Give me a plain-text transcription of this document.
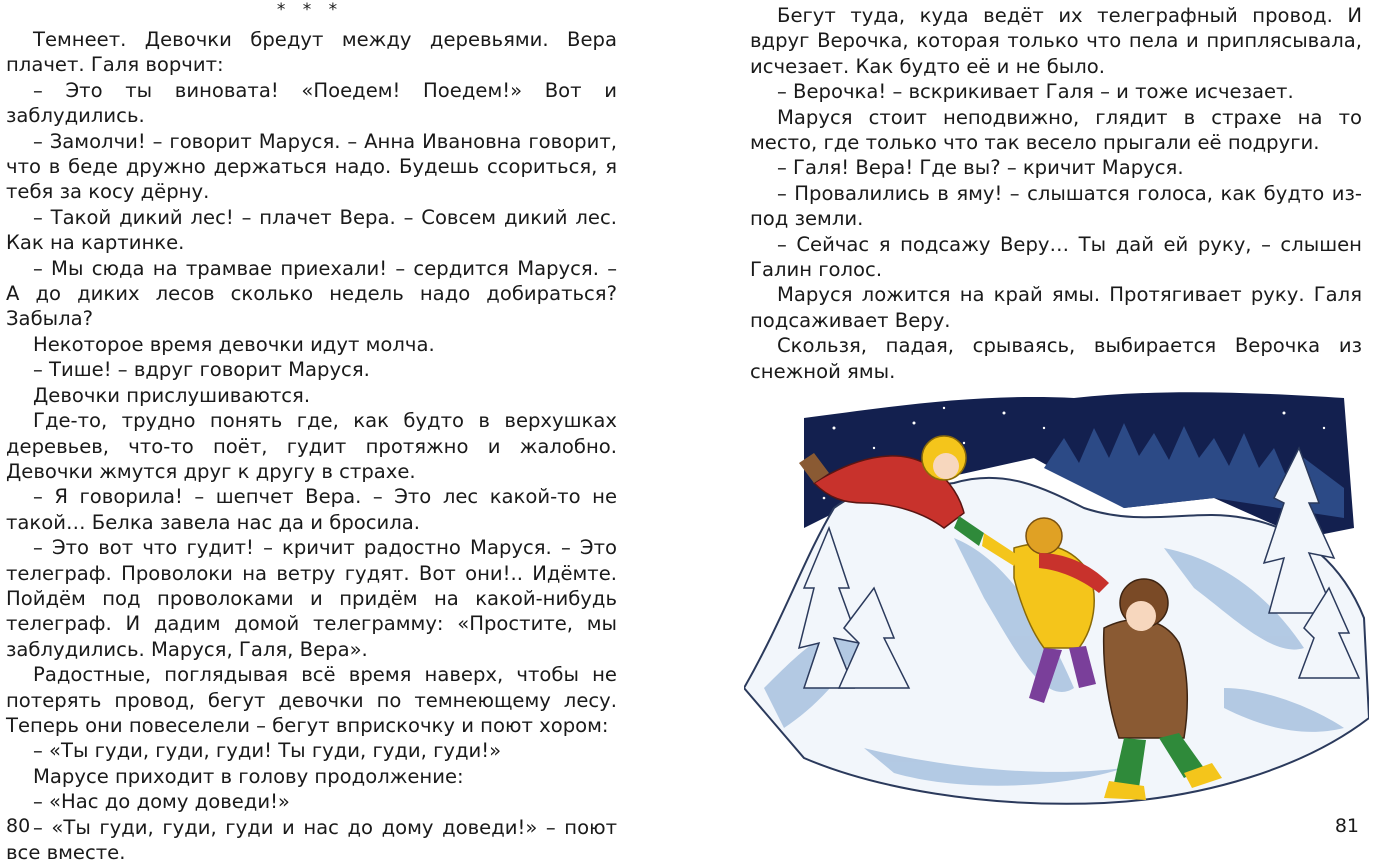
* * *

Темнеет. Девочки бредут между деревьями. Вера плачет. Галя ворчит:

– Это ты виновата! «Поедем! Поедем!» Вот и заблудились.

– Замолчи! – говорит Маруся. – Анна Ивановна говорит, что в беде дружно держаться надо. Будешь ссориться, я тебя за косу дёрну.

– Такой дикий лес! – плачет Вера. – Совсем дикий лес. Как на картинке.

– Мы сюда на трамвае приехали! – сердится Маруся. – А до диких лесов сколько недель надо добираться? Забыла?

Некоторое время девочки идут молча.

– Тише! – вдруг говорит Маруся.

Девочки прислушиваются.

Где-то, трудно понять где, как будто в верхушках деревьев, что-то поёт, гудит протяжно и жалобно. Девочки жмутся друг к другу в страхе.

– Я говорила! – шепчет Вера. – Это лес какой-то не такой… Белка завела нас да и бросила.

– Это вот что гудит! – кричит радостно Маруся. – Это телеграф. Проволоки на ветру гудят. Вот они!.. Идёмте. Пойдём под проволоками и придём на какой-нибудь телеграф. И дадим домой телеграмму: «Простите, мы заблудились. Маруся, Галя, Вера».

Радостные, поглядывая всё время наверх, чтобы не потерять провод, бегут девочки по темнеющему лесу. Теперь они повеселели – бегут вприскочку и поют хором:

– «Ты гуди, гуди, гуди! Ты гуди, гуди, гуди!»

Марусе приходит в голову продолжение:

– «Нас до дому доведи!»

– «Ты гуди, гуди, гуди и нас до дому доведи!» – поют все вместе.

80

Бегут туда, куда ведёт их телеграфный провод. И вдруг Верочка, которая только что пела и приплясывала, исчезает. Как будто её и не было.

– Верочка! – вскрикивает Галя – и тоже исчезает.

Маруся стоит неподвижно, глядит в страхе на то место, где только что так весело прыгали её подруги.

– Галя! Вера! Где вы? – кричит Маруся.

– Провалились в яму! – слышатся голоса, как будто из-под земли.

– Сейчас я подсажу Веру… Ты дай ей руку, – слышен Галин голос.

Маруся ложится на край ямы. Протягивает руку. Галя подсаживает Веру.

Скользя, падая, срываясь, выбирается Верочка из снежной ямы.

81
